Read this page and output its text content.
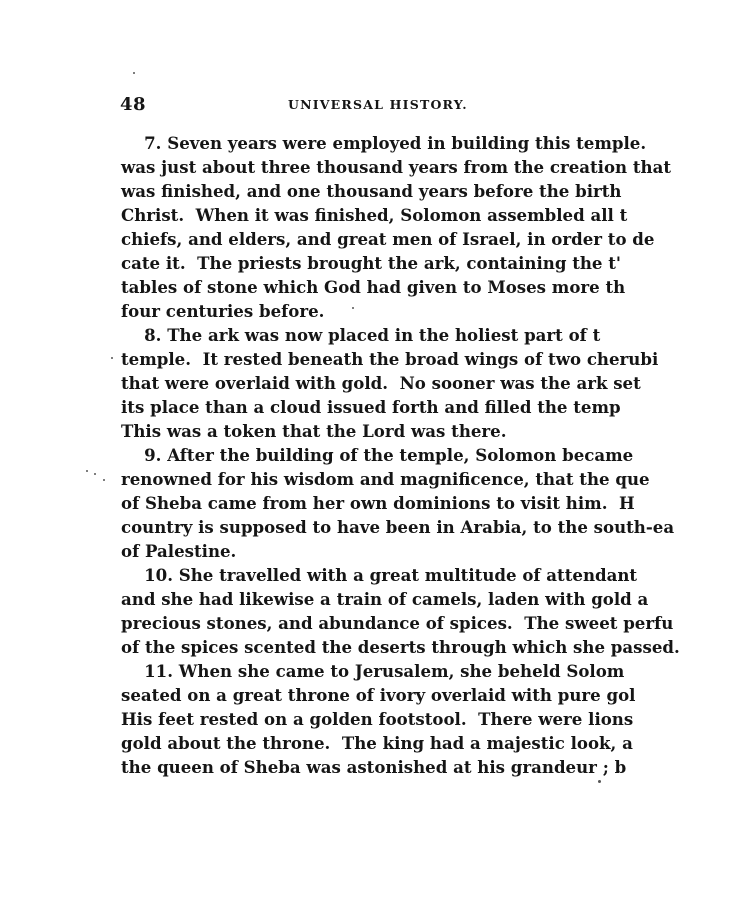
48	UNIVERSAL HISTORY.
7. Seven years were employed in building this temple.
was just about three thousand years from the creation that
was finished, and one thousand years before the birth
Christ.  When it was finished, Solomon assembled all t
chiefs, and elders, and great men of Israel, in order to de
cate it.  The priests brought the ark, containing the t'
tables of stone which God had given to Moses more th
four centuries before.
8. The ark was now placed in the holiest part of t
temple.  It rested beneath the broad wings of two cherubi
that were overlaid with gold.  No sooner was the ark set
its place than a cloud issued forth and filled the temp
This was a token that the Lord was there.
9. After the building of the temple, Solomon became
renowned for his wisdom and magnificence, that the que
of Sheba came from her own dominions to visit him.  H
country is supposed to have been in Arabia, to the south-ea
of Palestine.
10. She travelled with a great multitude of attendant
and she had likewise a train of camels, laden with gold a
precious stones, and abundance of spices.  The sweet perfu
of the spices scented the deserts through which she passed.
11. When she came to Jerusalem, she beheld Solom
seated on a great throne of ivory overlaid with pure gol
His feet rested on a golden footstool.  There were lions
gold about the throne.  The king had a majestic look, a
the queen of Sheba was astonished at his grandeur ; b
